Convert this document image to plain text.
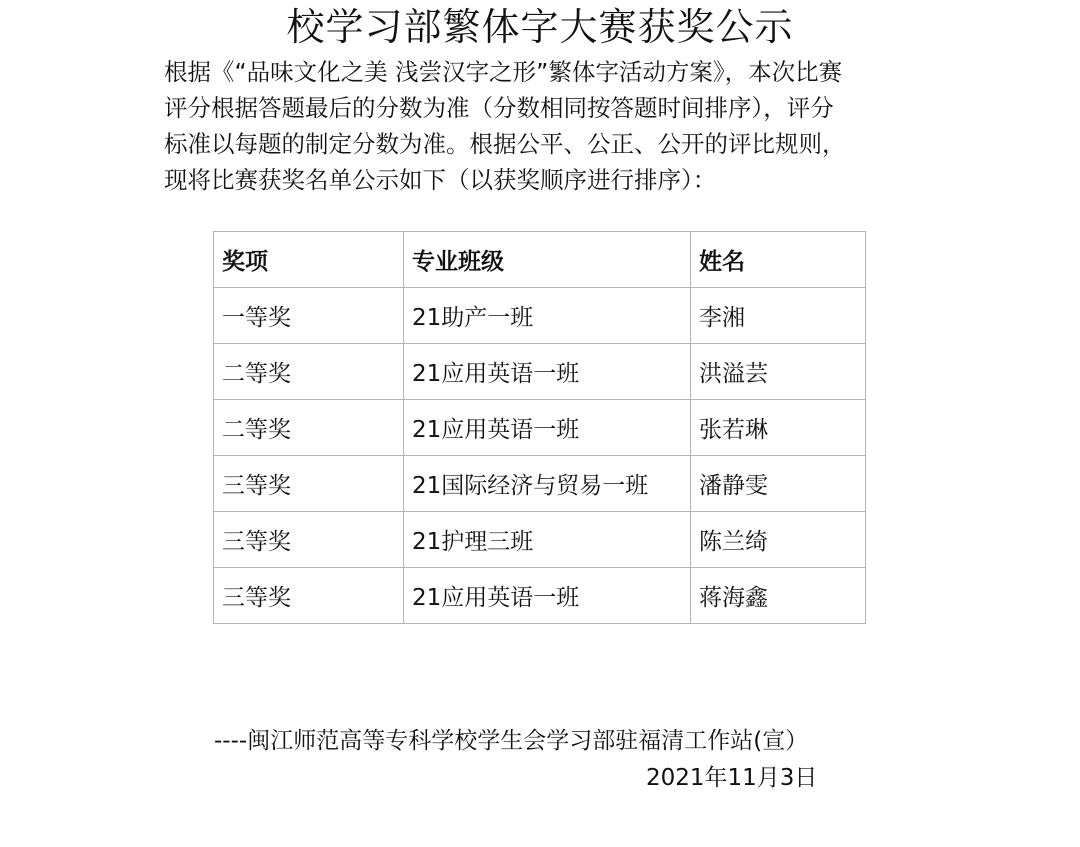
校学习部繁体字大赛获奖公示

根据《“品味文化之美 浅尝汉字之形”繁体字活动方案》，本次比赛

评分根据答题最后的分数为准（分数相同按答题时间排序），评分

标准以每题的制定分数为准。根据公平、公正、公开的评比规则，

现将比赛获奖名单公示如下（以获奖顺序进行排序）：

奖项	专业班级	姓名
一等奖	21助产一班	李湘
二等奖	21应用英语一班	洪溢芸
二等奖	21应用英语一班	张若琳
三等奖	21国际经济与贸易一班	潘静雯
三等奖	21护理三班	陈兰绮
三等奖	21应用英语一班	蒋海鑫
----闽江师范高等专科学校学生会学习部驻福清工作站(宣）
2021年11月3日
